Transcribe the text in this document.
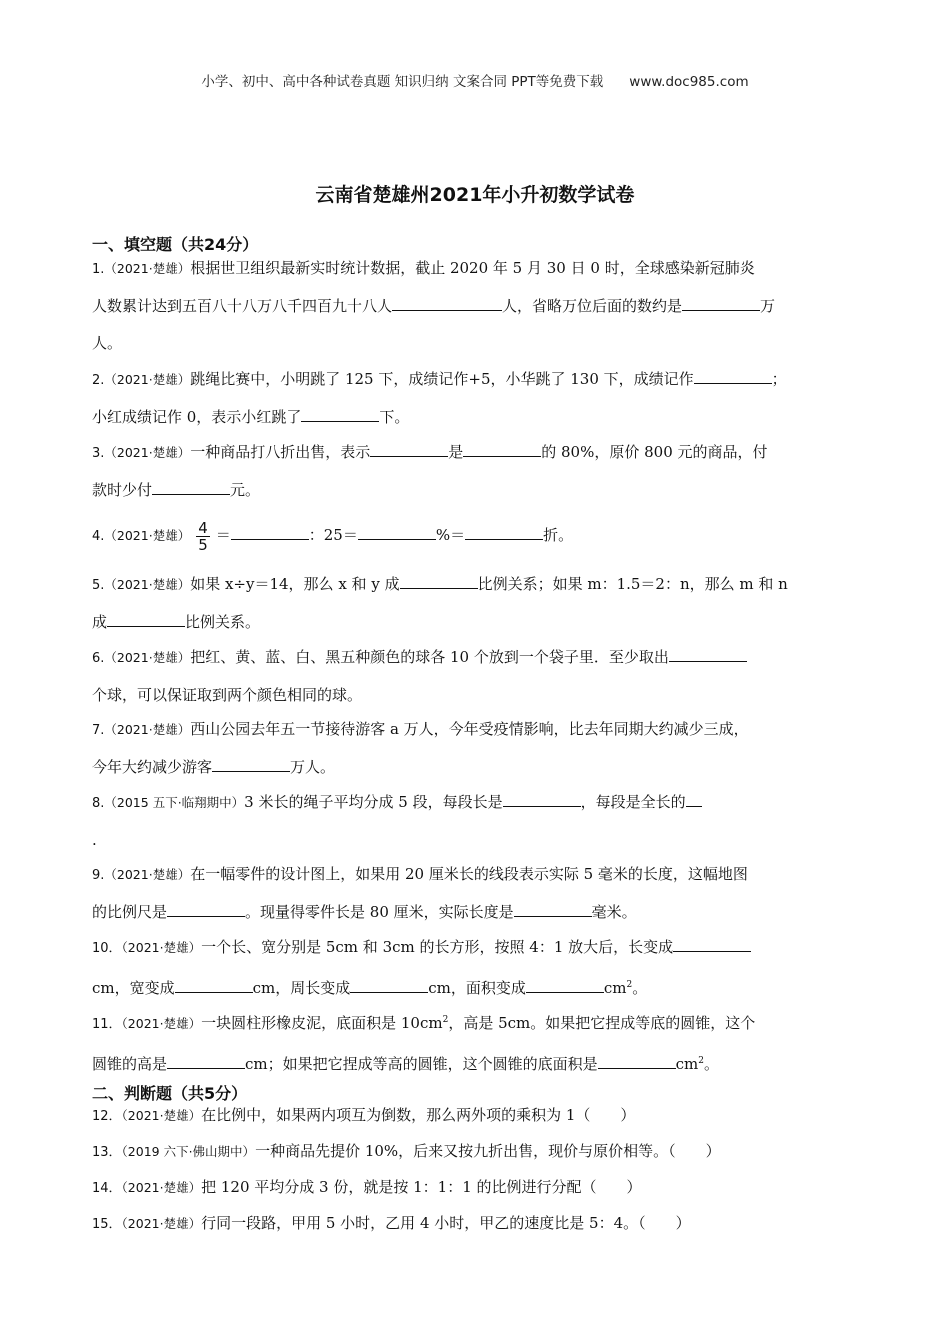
小学、初中、高中各种试卷真题 知识归纳 文案合同 PPT等免费下载 www.doc985.com
云南省楚雄州2021年小升初数学试卷
一、填空题（共24分）
1.（2021·楚雄）根据世卫组织最新实时统计数据，截止 2020 年 5 月 30 日 0 时，全球感染新冠肺炎
人数累计达到五百八十八万八千四百九十八人	人，省略万位后面的数约是	万
人。
2.（2021·楚雄）跳绳比赛中，小明跳了 125 下，成绩记作+5，小华跳了 130 下，成绩记作	；
小红成绩记作 0，表示小红跳了	下。
3.（2021·楚雄）一种商品打八折出售，表示	是	的 80%，原价 800 元的商品，付
款时少付	元。
4.（2021·楚雄） $\frac{4}{5}$ ＝	：25＝	%＝	折。
5.（2021·楚雄）如果 x÷y＝14，那么 x 和 y 成	比例关系；如果 m：1.5＝2：n，那么 m 和 n
成	比例关系。
6.（2021·楚雄）把红、黄、蓝、白、黑五种颜色的球各 10 个放到一个袋子里．至少取出
个球，可以保证取到两个颜色相同的球。
7.（2021·楚雄）西山公园去年五一节接待游客 a 万人，今年受疫情影响，比去年同期大约减少三成，
今年大约减少游客	万人。
8.（2015 五下·临翔期中）3 米长的绳子平均分成 5 段，每段长是	，每段是全长的
.
9.（2021·楚雄）在一幅零件的设计图上，如果用 20 厘米长的线段表示实际 5 毫米的长度，这幅地图
的比例尺是	。现量得零件长是 80 厘米，实际长度是	毫米。
10．（2021·楚雄）一个长、宽分别是 5cm 和 3cm 的长方形，按照 4：1 放大后，长变成
cm，宽变成	cm，周长变成	cm，面积变成	$cm^2$。
11．（2021·楚雄）一块圆柱形橡皮泥，底面积是 $10cm^2$，高是 5cm。如果把它捏成等底的圆锥，这个
圆锥的高是	cm；如果把它捏成等高的圆锥，这个圆锥的底面积是	$cm^2$。
二、判断题（共5分）
12．（2021·楚雄）在比例中，如果两内项互为倒数，那么两外项的乘积为 1（　　）
13．（2019 六下·佛山期中）一种商品先提价 10%，后来又按九折出售，现价与原价相等。（　　）
14．（2021·楚雄）把 120 平均分成 3 份，就是按 1：1：1 的比例进行分配（　　）
15．（2021·楚雄）行同一段路，甲用 5 小时，乙用 4 小时，甲乙的速度比是 5：4。（　　）
